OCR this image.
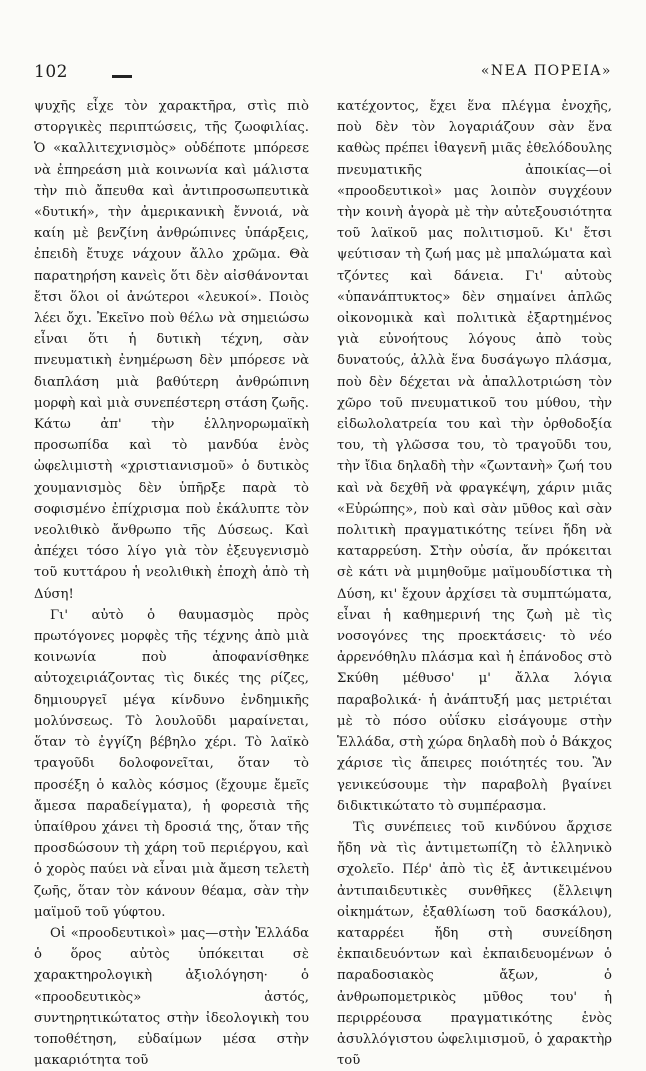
102	«ΝΕΑ ΠΟΡΕΙΑ»

ψυχῆς εἶχε τὸν χαρακτῆρα, στὶς πιὸ στοργικὲς περιπτώσεις, τῆς ζωοφιλίας. Ὁ «καλλιτεχνισμὸς» οὐδέποτε μπόρεσε νὰ ἐπηρεάση μιὰ κοινωνία καὶ μάλιστα τὴν πιὸ ἄπευθα καὶ ἀντιπροσωπευτικὰ «δυτική», τὴν ἀμερικανικὴ ἔννοιά, νὰ καίη μὲ βενζίνη ἀνθρώπινες ὑπάρξεις, ἐπειδὴ ἔτυχε νάχουν ἄλλο χρῶμα. Θὰ παρατηρήση κανεὶς ὅτι δὲν αἰσθάνονται ἔτσι ὅλοι οἱ ἀνώτεροι «λευκοί». Ποιὸς λέει ὄχι. Ἐκεῖνο ποὺ θέλω νὰ σημειώσω εἶναι ὅτι ἡ δυτικὴ τέχνη, σὰν πνευματικὴ ἐνημέρωση δὲν μπόρεσε νὰ διαπλάση μιὰ βαθύτερη ἀνθρώπινη μορφὴ καὶ μιὰ συνεπέστερη στάση ζωῆς. Κάτω ἀπ' τὴν ἑλληνορωμαϊκὴ προσωπίδα καὶ τὸ μανδύα ἑνὸς ὠφελιμιστὴ «χριστιανισμοῦ» ὁ δυτικὸς χουμανισμὸς δὲν ὑπῆρξε παρὰ τὸ σοφισμένο ἐπίχρισμα ποὺ ἐκάλυπτε τὸν νεολιθικὸ ἄνθρωπο τῆς Δύσεως. Καὶ ἀπέχει τόσο λίγο γιὰ τὸν ἐξευγενισμὸ τοῦ κυττάρου ἡ νεολιθικὴ ἐποχὴ ἀπὸ τὴ Δύση!

Γι' αὐτὸ ὁ θαυμασμὸς πρὸς πρωτόγονες μορφὲς τῆς τέχνης ἀπὸ μιὰ κοινωνία ποὺ ἀποφανίσθηκε αὐτοχειριάζοντας τὶς δικές της ρίζες, δημιουργεῖ μέγα κίνδυνο ἐνδημικῆς μολύνσεως. Τὸ λουλοῦδι μαραίνεται, ὅταν τὸ ἐγγίζη βέβηλο χέρι. Τὸ λαϊκὸ τραγοῦδι δολοφονεῖται, ὅταν τὸ προσέξη ὁ καλὸς κόσμος (ἔχουμε ἔμεῖς ἄμεσα παραδείγματα), ἡ φορεσιὰ τῆς ὑπαίθρου χάνει τὴ δροσιά της, ὅταν τῆς προσδώσουν τὴ χάρη τοῦ περιέργου, καὶ ὁ χορὸς παύει νὰ εἶναι μιὰ ἄμεση τελετὴ ζωῆς, ὅταν τὸν κάνουν θέαμα, σὰν τὴν μαϊμοῦ τοῦ γύφτου.

Οἱ «προοδευτικοὶ» μας—στὴν Ἑλλάδα ὁ ὅρος αὐτὸς ὑπόκειται σὲ χαρακτηρολογικὴ ἀξιολόγηση· ὁ «προοδευτικὸς» ἀστός, συντηρητικώτατος στὴν ἰδεολογικὴ του τοποθέτηση, εὐδαίμων μέσα στὴν μακαριότητα τοῦ

κατέχοντος, ἔχει ἕνα πλέγμα ἐνοχῆς, ποὺ δὲν τὸν λογαριάζουν σὰν ἕνα καθὼς πρέπει ἰθαγενῆ μιᾶς ἐθελόδουλης πνευματικῆς ἀποικίας—οἱ «προοδευτικοὶ» μας λοιπὸν συγχέουν τὴν κοινὴ ἀγορὰ μὲ τὴν αὐτεξουσιότητα τοῦ λαϊκοῦ μας πολιτισμοῦ. Κι' ἔτσι ψεύτισαν τὴ ζωή μας μὲ μπαλώματα καὶ τζόντες καὶ δάνεια. Γι' αὐτοὺς «ὑπανάπτυκτος» δὲν σημαίνει ἁπλῶς οἰκονομικὰ καὶ πολιτικὰ ἐξαρτημένος γιὰ εὐνοήτους λόγους ἀπὸ τοὺς δυνατούς, ἀλλὰ ἕνα δυσάγωγο πλάσμα, ποὺ δὲν δέχεται νὰ ἀπαλλοτριώση τὸν χῶρο τοῦ πνευματικοῦ του μύθου, τὴν εἰδωλολατρεία του καὶ τὴν ὀρθοδοξία του, τὴ γλῶσσα του, τὸ τραγοῦδι του, τὴν ἴδια δηλαδὴ τὴν «ζωντανὴ» ζωή του καὶ νὰ δεχθῆ νὰ φραγκέψη, χάριν μιᾶς «Εὐρώπης», ποὺ καὶ σὰν μῦθος καὶ σὰν πολιτικὴ πραγματικότης τείνει ἤδη νὰ καταρρεύση. Στὴν οὐσία, ἄν πρόκειται σὲ κάτι νὰ μιμηθοῦμε μαϊμουδίστικα τὴ Δύση, κι' ἔχουν ἀρχίσει τὰ συμπτώματα, εἶναι ἡ καθημερινή της ζωὴ μὲ τὶς νοσογόνες της προεκτάσεις· τὸ νέο ἀρρενόθηλυ πλάσμα καὶ ἡ ἐπάνοδος στὸ Σκύθη μέθυσο' μ' ἄλλα λόγια παραβολικά· ἡ ἀνάπτυξή μας μετριέται μὲ τὸ πόσο οὐΐσκυ εἰσάγουμε στὴν Ἑλλάδα, στὴ χώρα δηλαδὴ ποὺ ὁ Βάκχος χάρισε τὶς ἄπειρες ποιότητές του. Ἂν γενικεύσουμε τὴν παραβολὴ βγαίνει διδικτικώτατο τὸ συμπέρασμα.

Τὶς συνέπειες τοῦ κινδύνου ἄρχισε ἤδη νὰ τὶς ἀντιμετωπίζη τὸ ἑλληνικὸ σχολεῖο. Πέρ' ἀπὸ τὶς ἐξ ἀντικειμένου ἀντιπαιδευτικὲς συνθῆκες (ἔλλειψη οἰκημάτων, ἐξαθλίωση τοῦ δασκάλου), καταρρέει ἤδη στὴ συνείδηση ἐκπαιδευόντων καὶ ἐκπαιδευομένων ὁ παραδοσιακὸς ἄξων, ὁ ἀνθρωπομετρικὸς μῦθος του' ἡ περιρρέουσα πραγματικότης ἑνὸς ἀσυλλόγιστου ὠφελιμισμοῦ, ὁ χαρακτὴρ τοῦ
